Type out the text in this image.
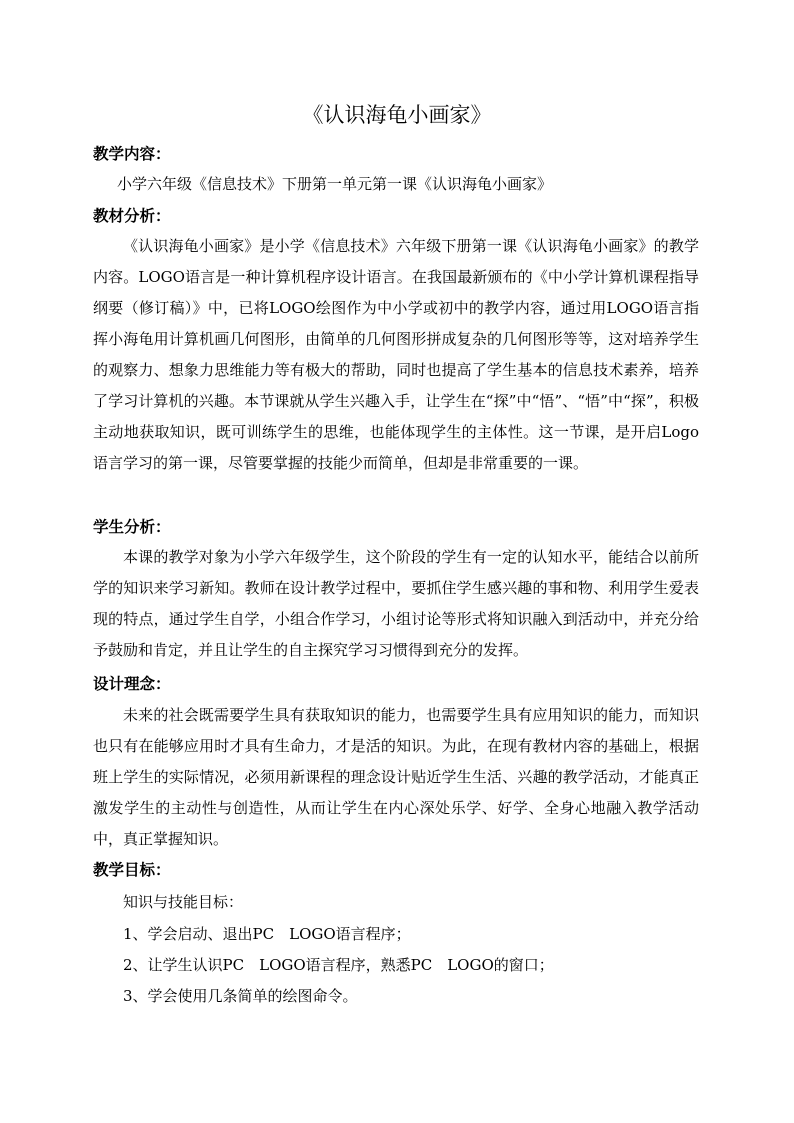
《认识海龟小画家》
教学内容：
小学六年级《信息技术》下册第一单元第一课《认识海龟小画家》
教材分析：

《认识海龟小画家》是小学《信息技术》六年级下册第一课《认识海龟小画家》的教学内容。LOGO语言是一种计算机程序设计语言。在我国最新颁布的《中小学计算机课程指导纲要（修订稿）》中，已将LOGO绘图作为中小学或初中的教学内容，通过用LOGO语言指挥小海龟用计算机画几何图形，由简单的几何图形拼成复杂的几何图形等等，这对培养学生的观察力、想象力思维能力等有极大的帮助，同时也提高了学生基本的信息技术素养，培养了学习计算机的兴趣。本节课就从学生兴趣入手，让学生在“探”中“悟”、“悟”中“探”，积极主动地获取知识，既可训练学生的思维，也能体现学生的主体性。这一节课，是开启Logo语言学习的第一课，尽管要掌握的技能少而简单，但却是非常重要的一课。

学生分析：

本课的教学对象为小学六年级学生，这个阶段的学生有一定的认知水平，能结合以前所学的知识来学习新知。教师在设计教学过程中，要抓住学生感兴趣的事和物、利用学生爱表现的特点，通过学生自学，小组合作学习，小组讨论等形式将知识融入到活动中，并充分给予鼓励和肯定，并且让学生的自主探究学习习惯得到充分的发挥。

设计理念：

未来的社会既需要学生具有获取知识的能力，也需要学生具有应用知识的能力，而知识也只有在能够应用时才具有生命力，才是活的知识。为此，在现有教材内容的基础上，根据班上学生的实际情况，必须用新课程的理念设计贴近学生生活、兴趣的教学活动，才能真正激发学生的主动性与创造性，从而让学生在内心深处乐学、好学、全身心地融入教学活动中，真正掌握知识。

教学目标：
知识与技能目标：
1、学会启动、退出PC　LOGO语言程序；
2、让学生认识PC　LOGO语言程序，熟悉PC　LOGO的窗口；
3、学会使用几条简单的绘图命令。
